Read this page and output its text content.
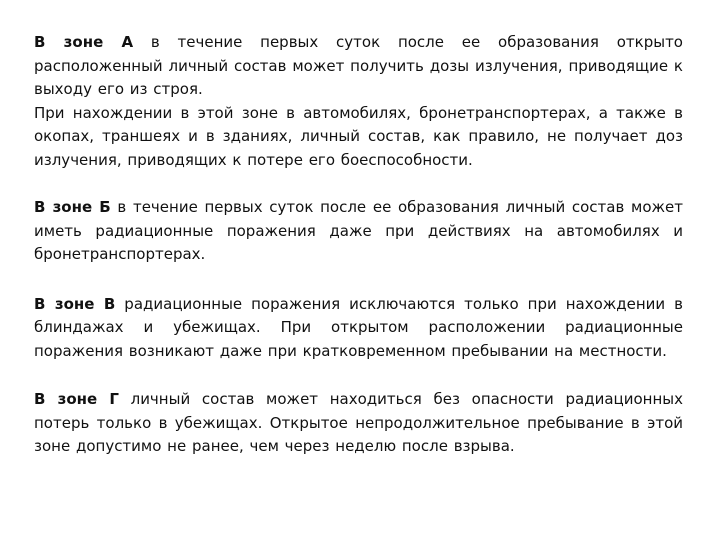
В зоне А в течение первых суток после ее образования открыто расположенный личный состав может получить дозы излучения, приводящие к выходу его из строя.

При нахождении в этой зоне в автомобилях, бронетранспортерах, а также в окопах, траншеях и в зданиях, личный состав, как правило, не получает доз излучения, приводящих к потере его боеспособности.

В зоне Б в течение первых суток после ее образования личный состав может иметь радиационные поражения даже при действиях на автомобилях и бронетранспортерах.

В зоне В радиационные поражения исключаются только при нахождении в блиндажах и убежищах. При открытом расположении радиационные поражения возникают даже при кратковременном пребывании на местности.

В зоне Г личный состав может находиться без опасности радиационных потерь только в убежищах. Открытое непродолжительное пребывание в этой зоне допустимо не ранее, чем через неделю после взрыва.
